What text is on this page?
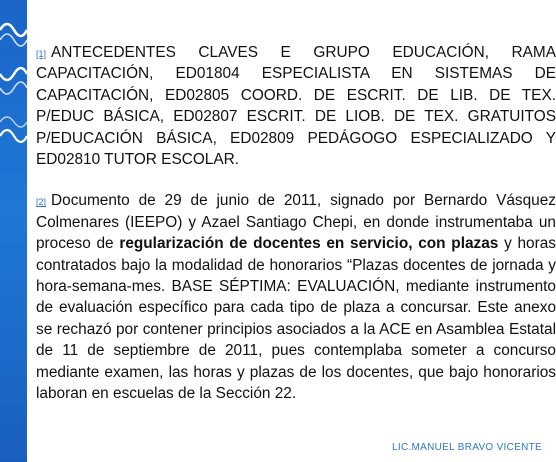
[1] ANTECEDENTES CLAVES E GRUPO EDUCACIÓN, RAMA CAPACITACIÓN, ED01804 ESPECIALISTA EN SISTEMAS DE CAPACITACIÓN, ED02805 COORD. DE ESCRIT. DE LIB. DE TEX. P/EDUC BÁSICA, ED02807 ESCRIT. DE LIOB. DE TEX. GRATUITOS P/EDUCACIÓN BÁSICA, ED02809 PEDÁGOGO ESPECIALIZADO Y ED02810 TUTOR ESCOLAR.

[2] Documento de 29 de junio de 2011, signado por Bernardo Vásquez Colmenares (IEEPO) y Azael Santiago Chepi, en donde instrumentaba un proceso de regularización de docentes en servicio, con plazas y horas contratados bajo la modalidad de honorarios “Plazas docentes de jornada y hora-semana-mes. BASE SÉPTIMA: EVALUACIÓN, mediante instrumento de evaluación específico para cada tipo de plaza a concursar. Este anexo se rechazó por contener principios asociados a la ACE en Asamblea Estatal de 11 de septiembre de 2011, pues contemplaba someter a concurso mediante examen, las horas y plazas de los docentes, que bajo honorarios laboran en escuelas de la Sección 22.

LIC.MANUEL BRAVO VICENTE
